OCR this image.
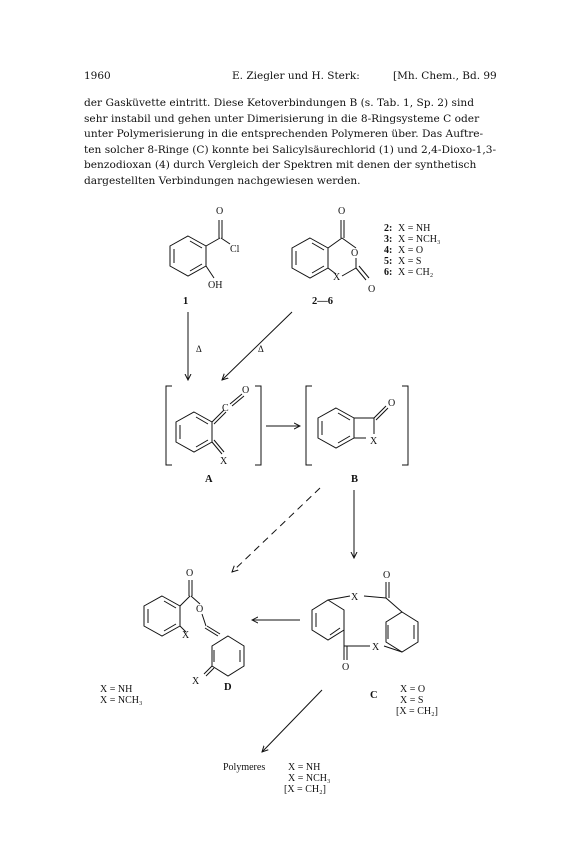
1960	E. Ziegler und H. Sterk:	[Mh. Chem., Bd. 99
der Gasküvette eintritt. Diese Ketoverbindungen B (s. Tab. 1, Sp. 2) sind
sehr instabil und gehen unter Dimerisierung in die 8-Ringsysteme C oder
unter Polymerisierung in die entsprechenden Polymeren über. Das Auftre-
ten solcher 8-Ringe (C) konnte bei Salicylsäurechlorid (1) und 2,4-Dioxo-1,3-
benzodioxan (4) durch Vergleich der Spektren mit denen der synthetisch
dargestellten Verbindungen nachgewiesen werden.
O
Cl
OH
O
O
X
O
C
O
X
O
X
O
X
O
X
O
O
X
X
Δ	Δ
1	2—6
A	B
D
C
2: X = NH
3: X = NCH₃
4: X = O
5: X = S
6: X = CH₂
X = NH
X = NCH₃
X = O
X = S
[X = CH₂]
Polymeres X = NH
X = NCH₃
[X = CH₂]
